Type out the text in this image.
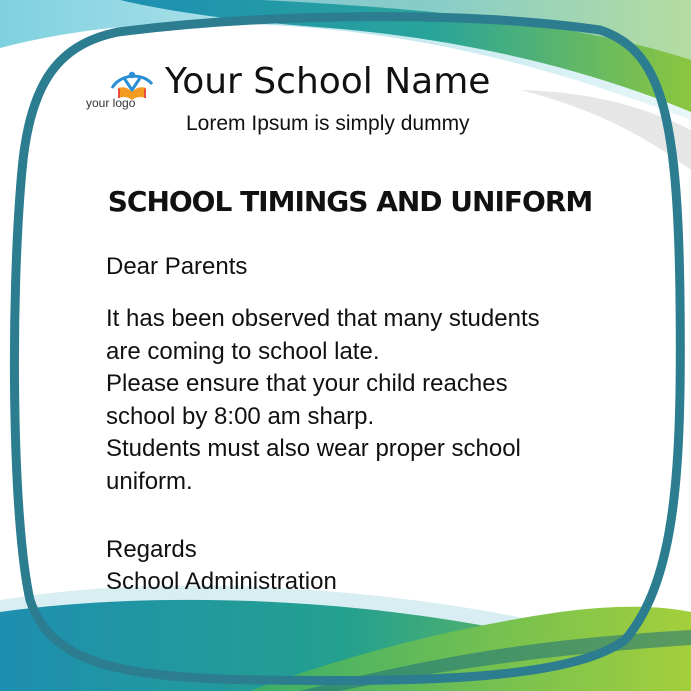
your logo
Your School Name
Lorem Ipsum is simply dummy
SCHOOL TIMINGS AND UNIFORM
Dear Parents
It has been observed that many students
are coming to school late.
Please ensure that your child reaches
school by 8:00 am sharp.
Students must also wear proper school
uniform.
Regards
School Administration
